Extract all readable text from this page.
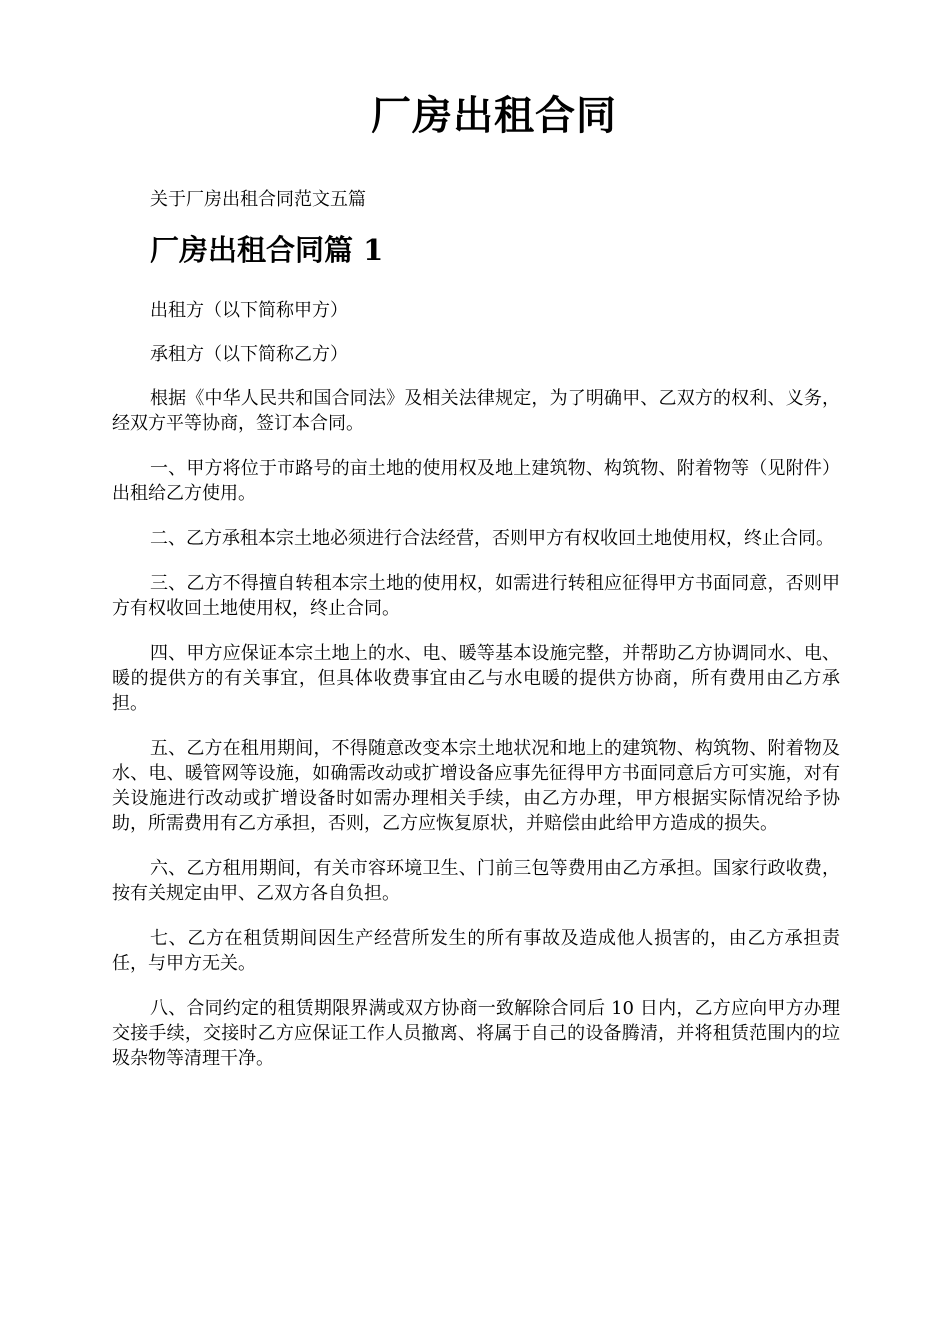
厂房出租合同

关于厂房出租合同范文五篇

厂房出租合同篇 1

出租方（以下简称甲方）

承租方（以下简称乙方）

根据《中华人民共和国合同法》及相关法律规定，为了明确甲、乙双方的权利、义务，经双方平等协商，签订本合同。

一、甲方将位于市路号的亩土地的使用权及地上建筑物、构筑物、附着物等（见附件）出租给乙方使用。

二、乙方承租本宗土地必须进行合法经营，否则甲方有权收回土地使用权，终止合同。

三、乙方不得擅自转租本宗土地的使用权，如需进行转租应征得甲方书面同意，否则甲方有权收回土地使用权，终止合同。

四、甲方应保证本宗土地上的水、电、暖等基本设施完整，并帮助乙方协调同水、电、暖的提供方的有关事宜，但具体收费事宜由乙与水电暖的提供方协商，所有费用由乙方承担。

五、乙方在租用期间，不得随意改变本宗土地状况和地上的建筑物、构筑物、附着物及水、电、暖管网等设施，如确需改动或扩增设备应事先征得甲方书面同意后方可实施，对有关设施进行改动或扩增设备时如需办理相关手续，由乙方办理，甲方根据实际情况给予协助，所需费用有乙方承担，否则，乙方应恢复原状，并赔偿由此给甲方造成的损失。

六、乙方租用期间，有关市容环境卫生、门前三包等费用由乙方承担。国家行政收费，按有关规定由甲、乙双方各自负担。

七、乙方在租赁期间因生产经营所发生的所有事故及造成他人损害的，由乙方承担责任，与甲方无关。

八、合同约定的租赁期限界满或双方协商一致解除合同后 10 日内，乙方应向甲方办理交接手续，交接时乙方应保证工作人员撤离、将属于自己的设备腾清，并将租赁范围内的垃圾杂物等清理干净。
